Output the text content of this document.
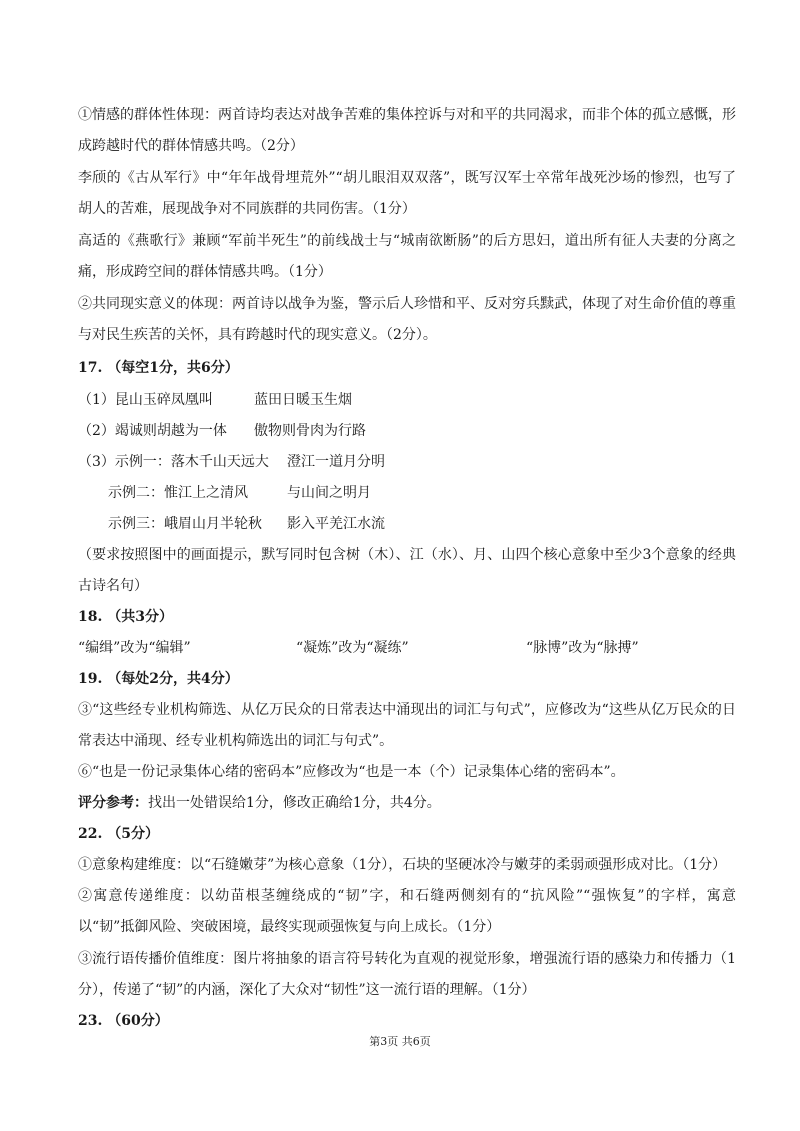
①情感的群体性体现：两首诗均表达对战争苦难的集体控诉与对和平的共同渴求，而非个体的孤立感慨，形成跨越时代的群体情感共鸣。（2分）

李颀的《古从军行》中“年年战骨埋荒外”“胡儿眼泪双双落”，既写汉军士卒常年战死沙场的惨烈，也写了胡人的苦难，展现战争对不同族群的共同伤害。（1分）

高适的《燕歌行》兼顾“军前半死生”的前线战士与“城南欲断肠”的后方思妇，道出所有征人夫妻的分离之痛，形成跨空间的群体情感共鸣。（1分）

②共同现实意义的体现：两首诗以战争为鉴，警示后人珍惜和平、反对穷兵黩武，体现了对生命价值的尊重与对民生疾苦的关怀，具有跨越时代的现实意义。（2分）。

17. （每空1分，共6分）
（1）昆山玉碎凤凰叫	蓝田日暖玉生烟
（2）竭诚则胡越为一体 傲物则骨肉为行路
（3）示例一：落木千山天远大 澄江一道月分明
示例二：惟江上之清风	与山间之明月
示例三：峨眉山月半轮秋 影入平羌江水流

（要求按照图中的画面提示，默写同时包含树（木）、江（水）、月、山四个核心意象中至少3个意象的经典古诗名句）

18. （共3分）
“编缉”改为“编辑”	“凝炼”改为“凝练”	“脉博”改为“脉搏”
19. （每处2分，共4分）

③“这些经专业机构筛选、从亿万民众的日常表达中涌现出的词汇与句式”，应修改为“这些从亿万民众的日常表达中涌现、经专业机构筛选出的词汇与句式”。

⑥“也是一份记录集体心绪的密码本”应修改为“也是一本（个）记录集体心绪的密码本”。

评分参考：找出一处错误给1分，修改正确给1分，共4分。
22. （5分）

①意象构建维度：以“石缝嫩芽”为核心意象（1分），石块的坚硬冰冷与嫩芽的柔弱顽强形成对比。（1分）

②寓意传递维度：以幼苗根茎缠绕成的“韧”字，和石缝两侧刻有的“抗风险”“强恢复”的字样，寓意以“韧”抵御风险、突破困境，最终实现顽强恢复与向上成长。（1分）

③流行语传播价值维度：图片将抽象的语言符号转化为直观的视觉形象，增强流行语的感染力和传播力（1分），传递了“韧”的内涵，深化了大众对“韧性”这一流行语的理解。（1分）

23. （60分）
第3页 共6页
